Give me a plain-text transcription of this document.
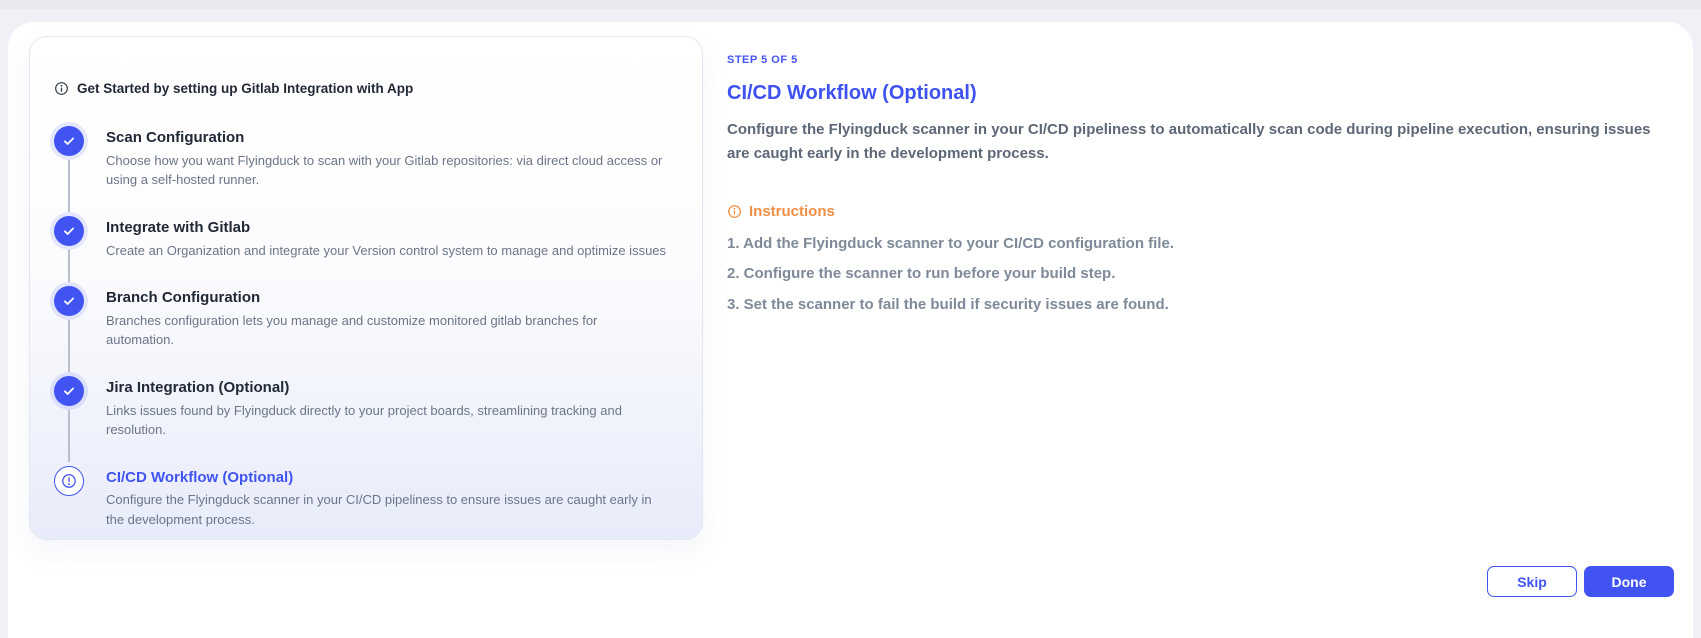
Get Started by setting up Gitlab Integration with App
Scan Configuration
Choose how you want Flyingduck to scan with your Gitlab repositories: via direct cloud access or using a self-hosted runner.
Integrate with Gitlab
Create an Organization and integrate your Version control system to manage and optimize issues
Branch Configuration
Branches configuration lets you manage and customize monitored gitlab branches for automation.
Jira Integration (Optional)
Links issues found by Flyingduck directly to your project boards, streamlining tracking and resolution.
CI/CD Workflow (Optional)
Configure the Flyingduck scanner in your CI/CD pipeliness to ensure issues are caught early in the development process.
STEP 5 OF 5
CI/CD Workflow (Optional)

Configure the Flyingduck scanner in your CI/CD pipeliness to automatically scan code during pipeline execution, ensuring issues are caught early in the development process.

Instructions
1. Add the Flyingduck scanner to your CI/CD configuration file.
2. Configure the scanner to run before your build step.
3. Set the scanner to fail the build if security issues are found.
Skip	Done
